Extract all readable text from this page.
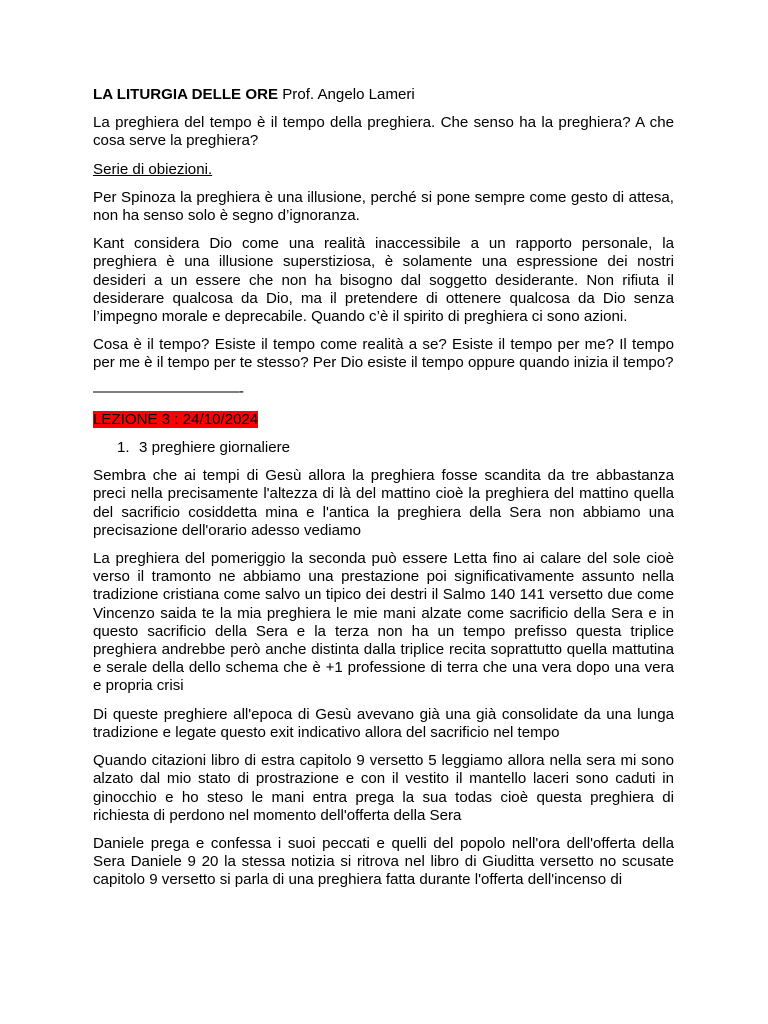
LA LITURGIA DELLE ORE Prof. Angelo Lameri
La preghiera del tempo è il tempo della preghiera. Che senso ha la preghiera? A che cosa serve la preghiera?
Serie di obiezioni.
Per Spinoza la preghiera è una illusione, perché si pone sempre come gesto di attesa, non ha senso solo è segno d’ignoranza.
Kant considera Dio come una realità inaccessibile a un rapporto personale, la preghiera è una illusione superstiziosa, è solamente una espressione dei nostri desideri a un essere che non ha bisogno dal soggetto desiderante. Non rifiuta il desiderare qualcosa da Dio, ma il pretendere di ottenere qualcosa da Dio senza l’impegno morale e deprecabile. Quando c’è il spirito di preghiera ci sono azioni.
Cosa è il tempo? Esiste il tempo come realità a se? Esiste il tempo per me? Il tempo per me è il tempo per te stesso? Per Dio esiste il tempo oppure quando inizia il tempo?
——————————-
LEZIONE 3 : 24/10/2024
1. 3 preghiere giornaliere
Sembra che ai tempi di Gesù allora la preghiera fosse scandita da tre abbastanza preci nella precisamente l'altezza di là del mattino cioè la preghiera del mattino quella del sacrificio cosiddetta mina e l'antica la preghiera della Sera non abbiamo una precisazione dell'orario adesso vediamo
La preghiera del pomeriggio la seconda può essere Letta fino ai calare del sole cioè verso il tramonto ne abbiamo una prestazione poi significativamente assunto nella tradizione cristiana come salvo un tipico dei destri il Salmo 140 141 versetto due come Vincenzo saida te la mia preghiera le mie mani alzate come sacrificio della Sera e in questo sacrificio della Sera e la terza non ha un tempo prefisso questa triplice preghiera andrebbe però anche distinta dalla triplice recita soprattutto quella mattutina e serale della dello schema che è +1 professione di terra che una vera dopo una vera e propria crisi
Di queste preghiere all'epoca di Gesù avevano già una già consolidate da una lunga tradizione e legate questo exit indicativo allora del sacrificio nel tempo
Quando citazioni libro di estra capitolo 9 versetto 5 leggiamo allora nella sera mi sono alzato dal mio stato di prostrazione e con il vestito il mantello laceri sono caduti in ginocchio e ho steso le mani entra prega la sua todas cioè questa preghiera di richiesta di perdono nel momento dell'offerta della Sera
Daniele prega e confessa i suoi peccati e quelli del popolo nell'ora dell'offerta della Sera Daniele 9 20 la stessa notizia si ritrova nel libro di Giuditta versetto no scusate capitolo 9 versetto si parla di una preghiera fatta durante l'offerta dell'incenso di
